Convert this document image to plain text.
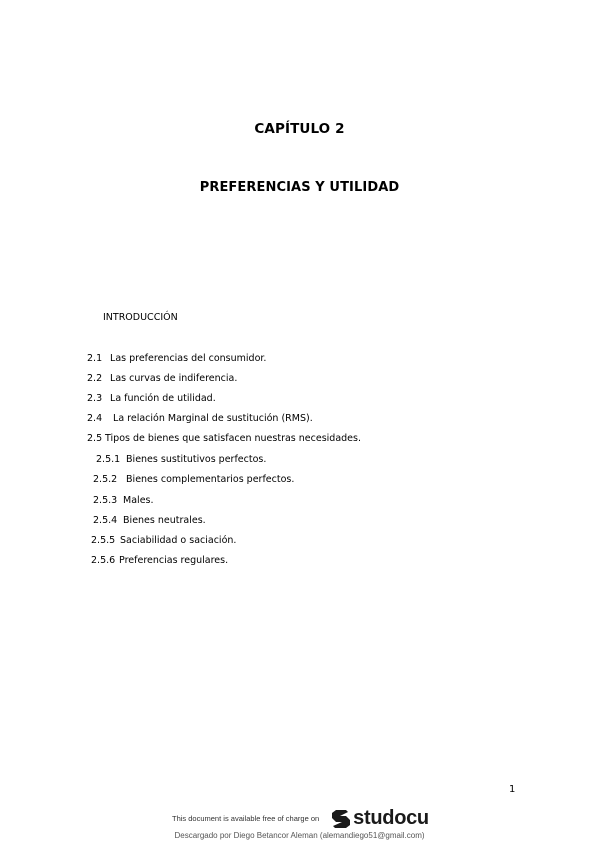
CAPÍTULO 2
PREFERENCIAS Y UTILIDAD
INTRODUCCIÓN
2.1 Las preferencias del consumidor.
2.2 Las curvas de indiferencia.
2.3 La función de utilidad.
2.4 La relación Marginal de sustitución (RMS).
2.5 Tipos de bienes que satisfacen nuestras necesidades.
2.5.1 Bienes sustitutivos perfectos.
2.5.2 Bienes complementarios perfectos.
2.5.3 Males.
2.5.4 Bienes neutrales.
2.5.5 Saciabilidad o saciación.
2.5.6 Preferencias regulares.
1
This document is available free of charge on studocu
Descargado por Diego Betancor Aleman (alemandiego51@gmail.com)
